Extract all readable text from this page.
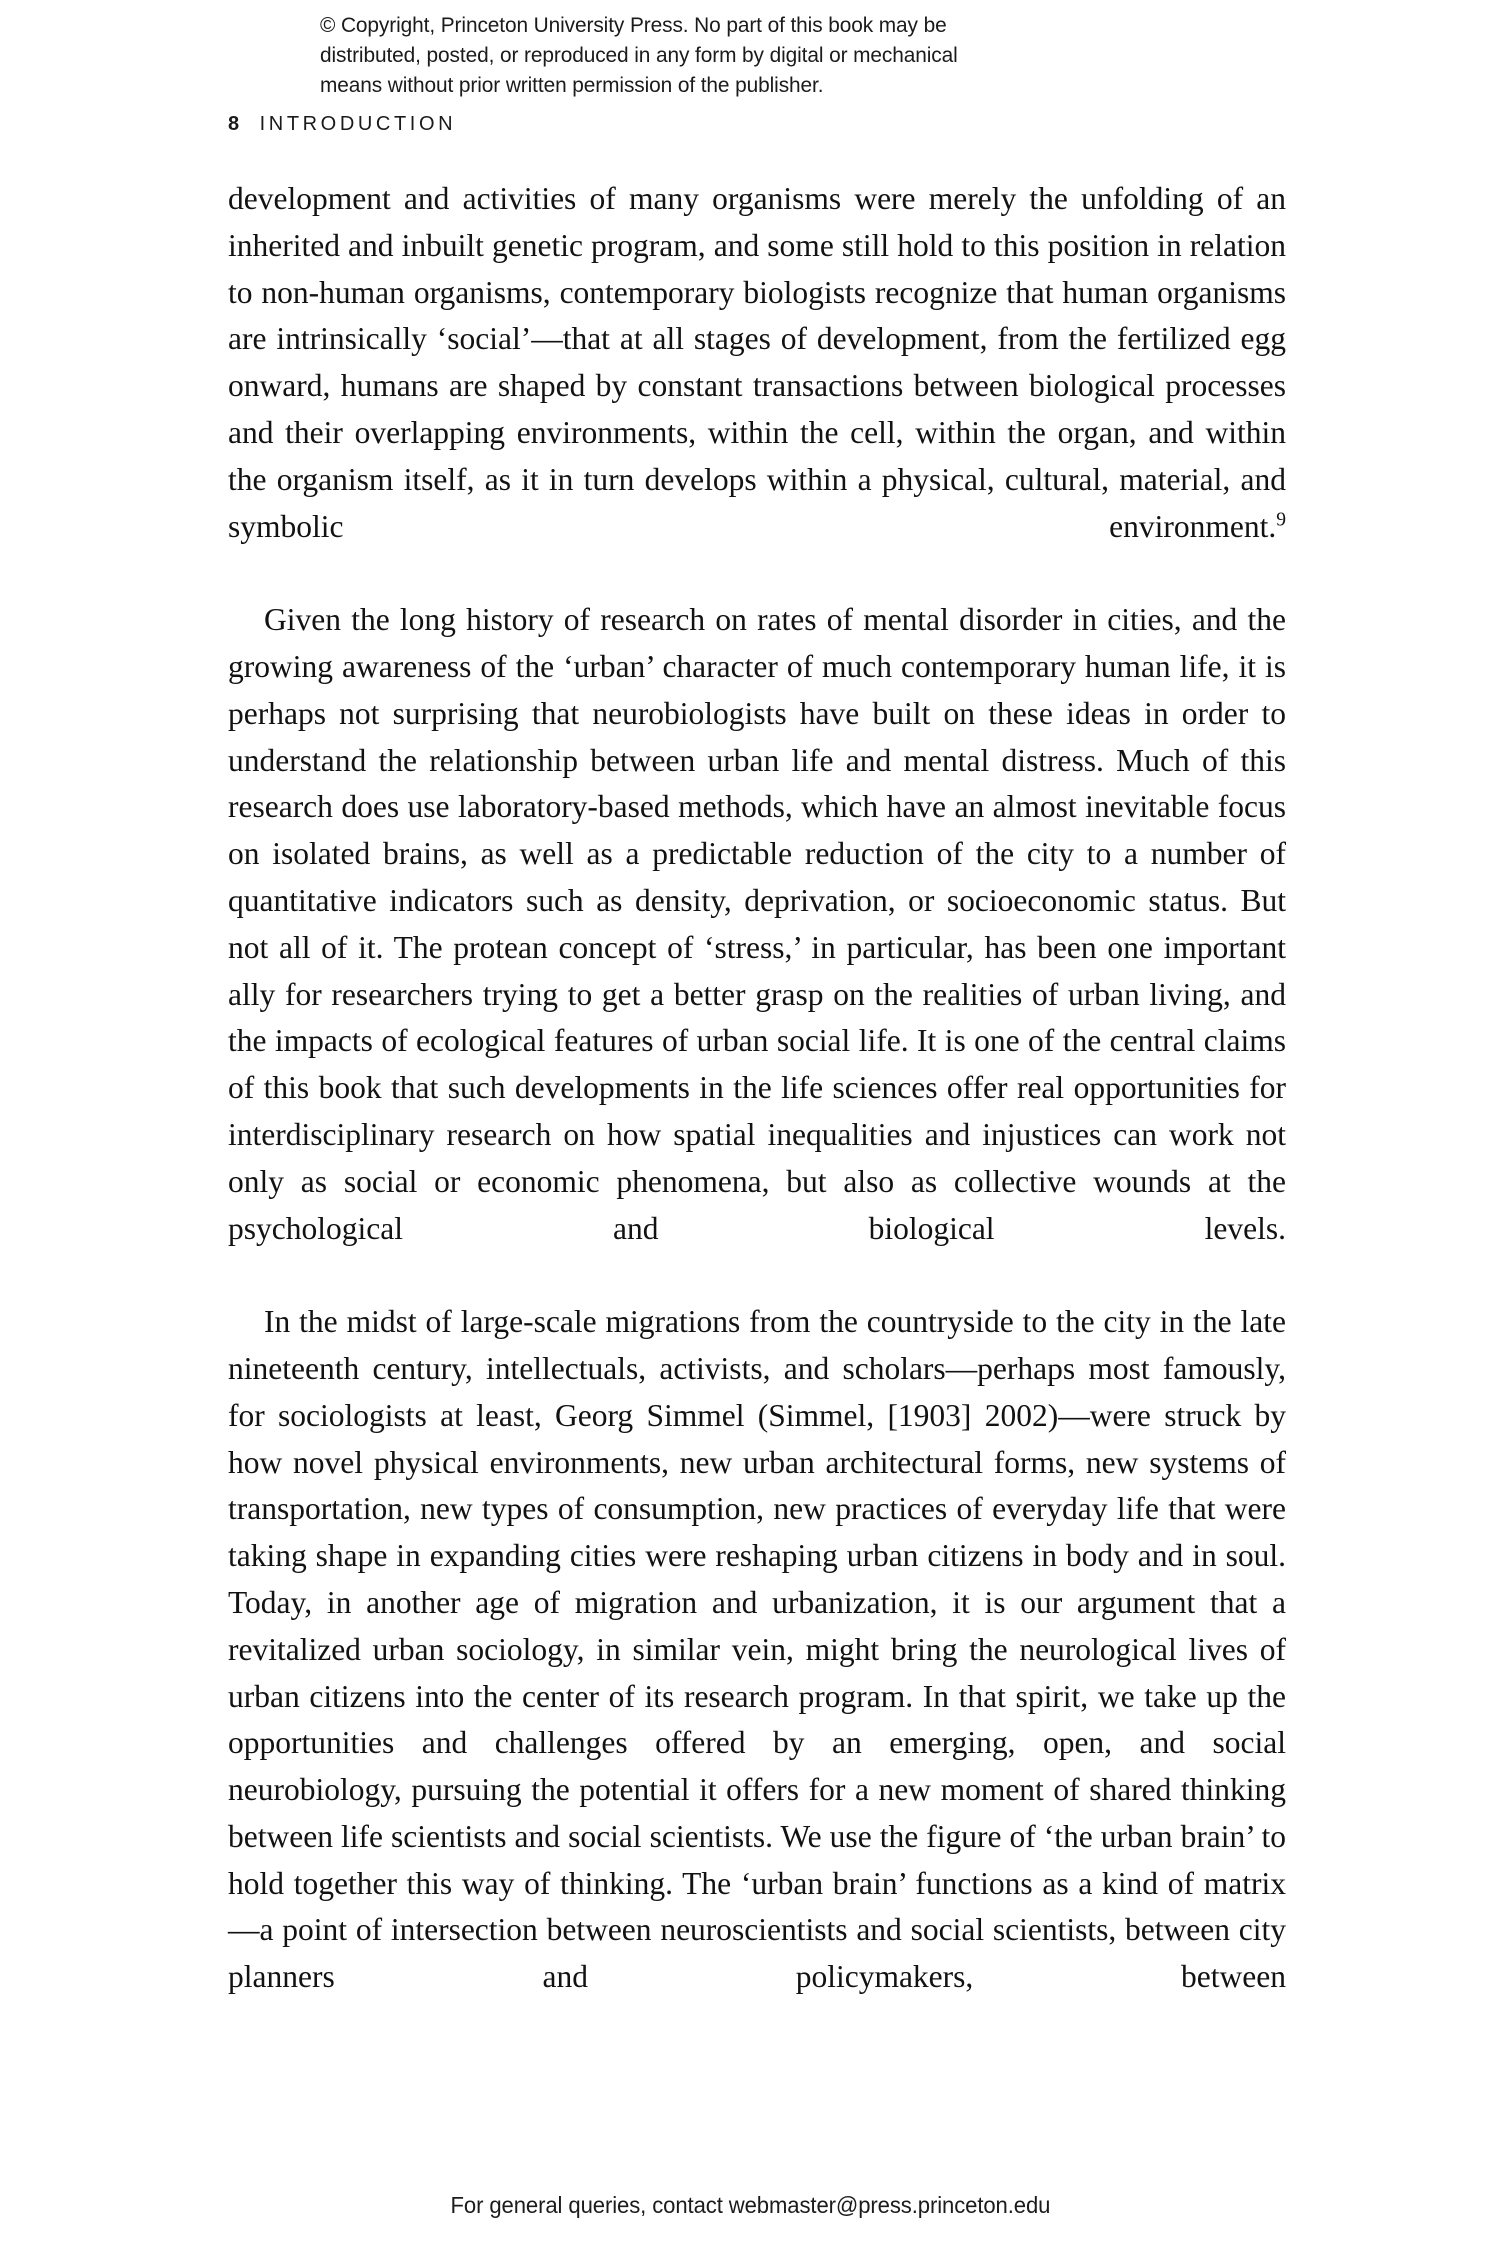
© Copyright, Princeton University Press. No part of this book may be
distributed, posted, or reproduced in any form by digital or mechanical
means without prior written permission of the publisher.
8 INTRODUCTION

development and activities of many organisms were merely the unfolding of an inherited and inbuilt genetic program, and some still hold to this position in relation to non-human organisms, contemporary biologists recognize that human organisms are intrinsically ‘social’—that at all stages of development, from the fertilized egg onward, humans are shaped by constant transactions between biological processes and their overlapping environments, within the cell, within the organ, and within the organism itself, as it in turn develops within a physical, cultural, material, and symbolic environment.$^9$

Given the long history of research on rates of mental disorder in cities, and the growing awareness of the ‘urban’ character of much contemporary human life, it is perhaps not surprising that neurobiologists have built on these ideas in order to understand the relationship between urban life and mental distress. Much of this research does use laboratory-based methods, which have an almost inevitable focus on isolated brains, as well as a predictable reduction of the city to a number of quantitative indicators such as density, deprivation, or socioeconomic status. But not all of it. The protean concept of ‘stress,’ in particular, has been one important ally for researchers trying to get a better grasp on the realities of urban living, and the impacts of ecological features of urban social life. It is one of the central claims of this book that such developments in the life sciences offer real opportunities for interdisciplinary research on how spatial inequalities and injustices can work not only as social or economic phenomena, but also as collective wounds at the psychological and biological levels.

In the midst of large-scale migrations from the countryside to the city in the late nineteenth century, intellectuals, activists, and scholars—perhaps most famously, for sociologists at least, Georg Simmel (Simmel, [1903] 2002)—were struck by how novel physical environments, new urban architectural forms, new systems of transportation, new types of consumption, new practices of everyday life that were taking shape in expanding cities were reshaping urban citizens in body and in soul. Today, in another age of migration and urbanization, it is our argument that a revitalized urban sociology, in similar vein, might bring the neurological lives of urban citizens into the center of its research program. In that spirit, we take up the opportunities and challenges offered by an emerging, open, and social neurobiology, pursuing the potential it offers for a new moment of shared thinking between life scientists and social scientists. We use the figure of ‘the urban brain’ to hold together this way of thinking. The ‘urban brain’ functions as a kind of matrix—a point of intersection between neuroscientists and social scientists, between city planners and policymakers, between

For general queries, contact webmaster@press.princeton.edu
